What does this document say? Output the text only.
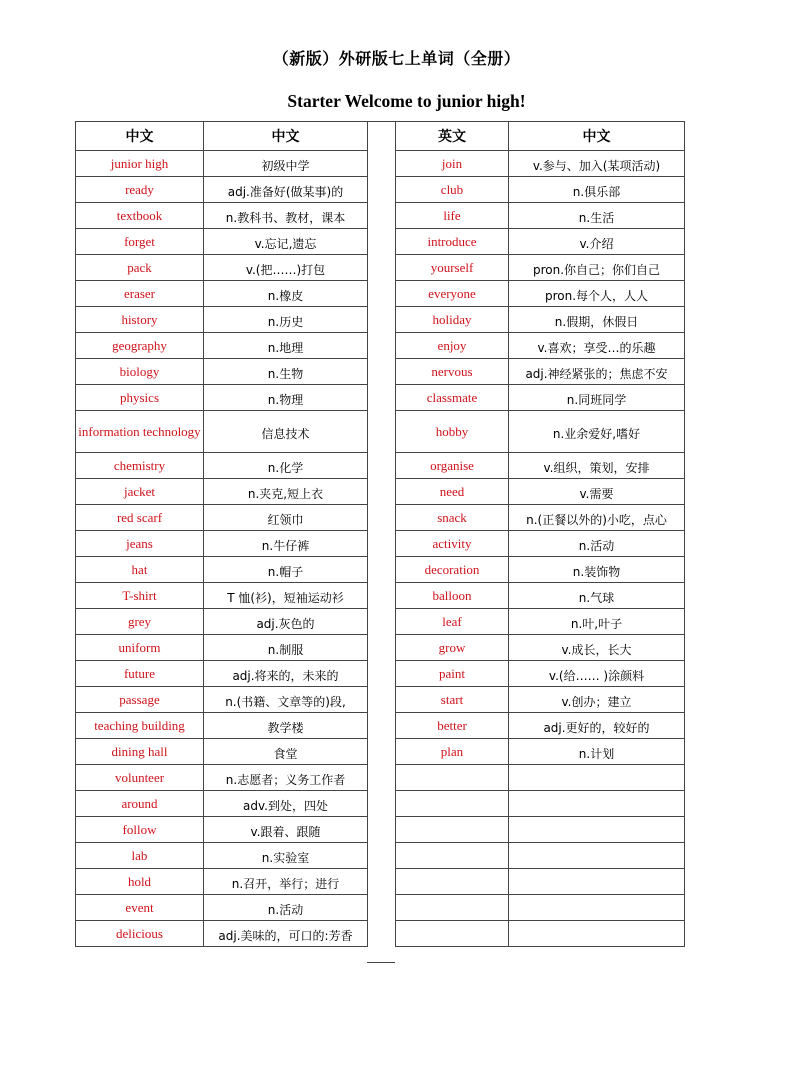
（新版）外研版七上单词（全册）
Starter Welcome to junior high!
中文	中文
junior high	初级中学
ready	adj.准备好(做某事)的
textbook	n.教科书、教材，课本
forget	v.忘记,遗忘
pack	v.(把……)打包
eraser	n.橡皮
history	n.历史
geography	n.地理
biology	n.生物
physics	n.物理
information technology	信息技术
chemistry	n.化学
jacket	n.夹克,短上衣
red scarf	红领巾
jeans	n.牛仔裤
hat	n.帽子
T-shirt	T 恤(衫)，短袖运动衫
grey	adj.灰色的
uniform	n.制服
future	adj.将来的，未来的
passage	n.(书籍、文章等的)段,
teaching building	教学楼
dining hall	食堂
volunteer	n.志愿者；义务工作者
around	adv.到处，四处
follow	v.跟着、跟随
lab	n.实验室
hold	n.召开，举行；进行
event	n.活动
delicious	adj.美味的，可口的:芳香
英文	中文
join	v.参与、加入(某项活动)
club	n.俱乐部
life	n.生活
introduce	v.介绍
yourself	pron.你自己；你们自己
everyone	pron.每个人，人人
holiday	n.假期，休假日
enjoy	v.喜欢；享受…的乐趣
nervous	adj.神经紧张的；焦虑不安
classmate	n.同班同学
hobby	n.业余爱好,嗜好
organise	v.组织，策划，安排
need	v.需要
snack	n.(正餐以外的)小吃，点心
activity	n.活动
decoration	n.装饰物
balloon	n.气球
leaf	n.叶,叶子
grow	v.成长，长大
paint	v.(给…… )涂颜料
start	v.创办；建立
better	adj.更好的，较好的
plan	n.计划
